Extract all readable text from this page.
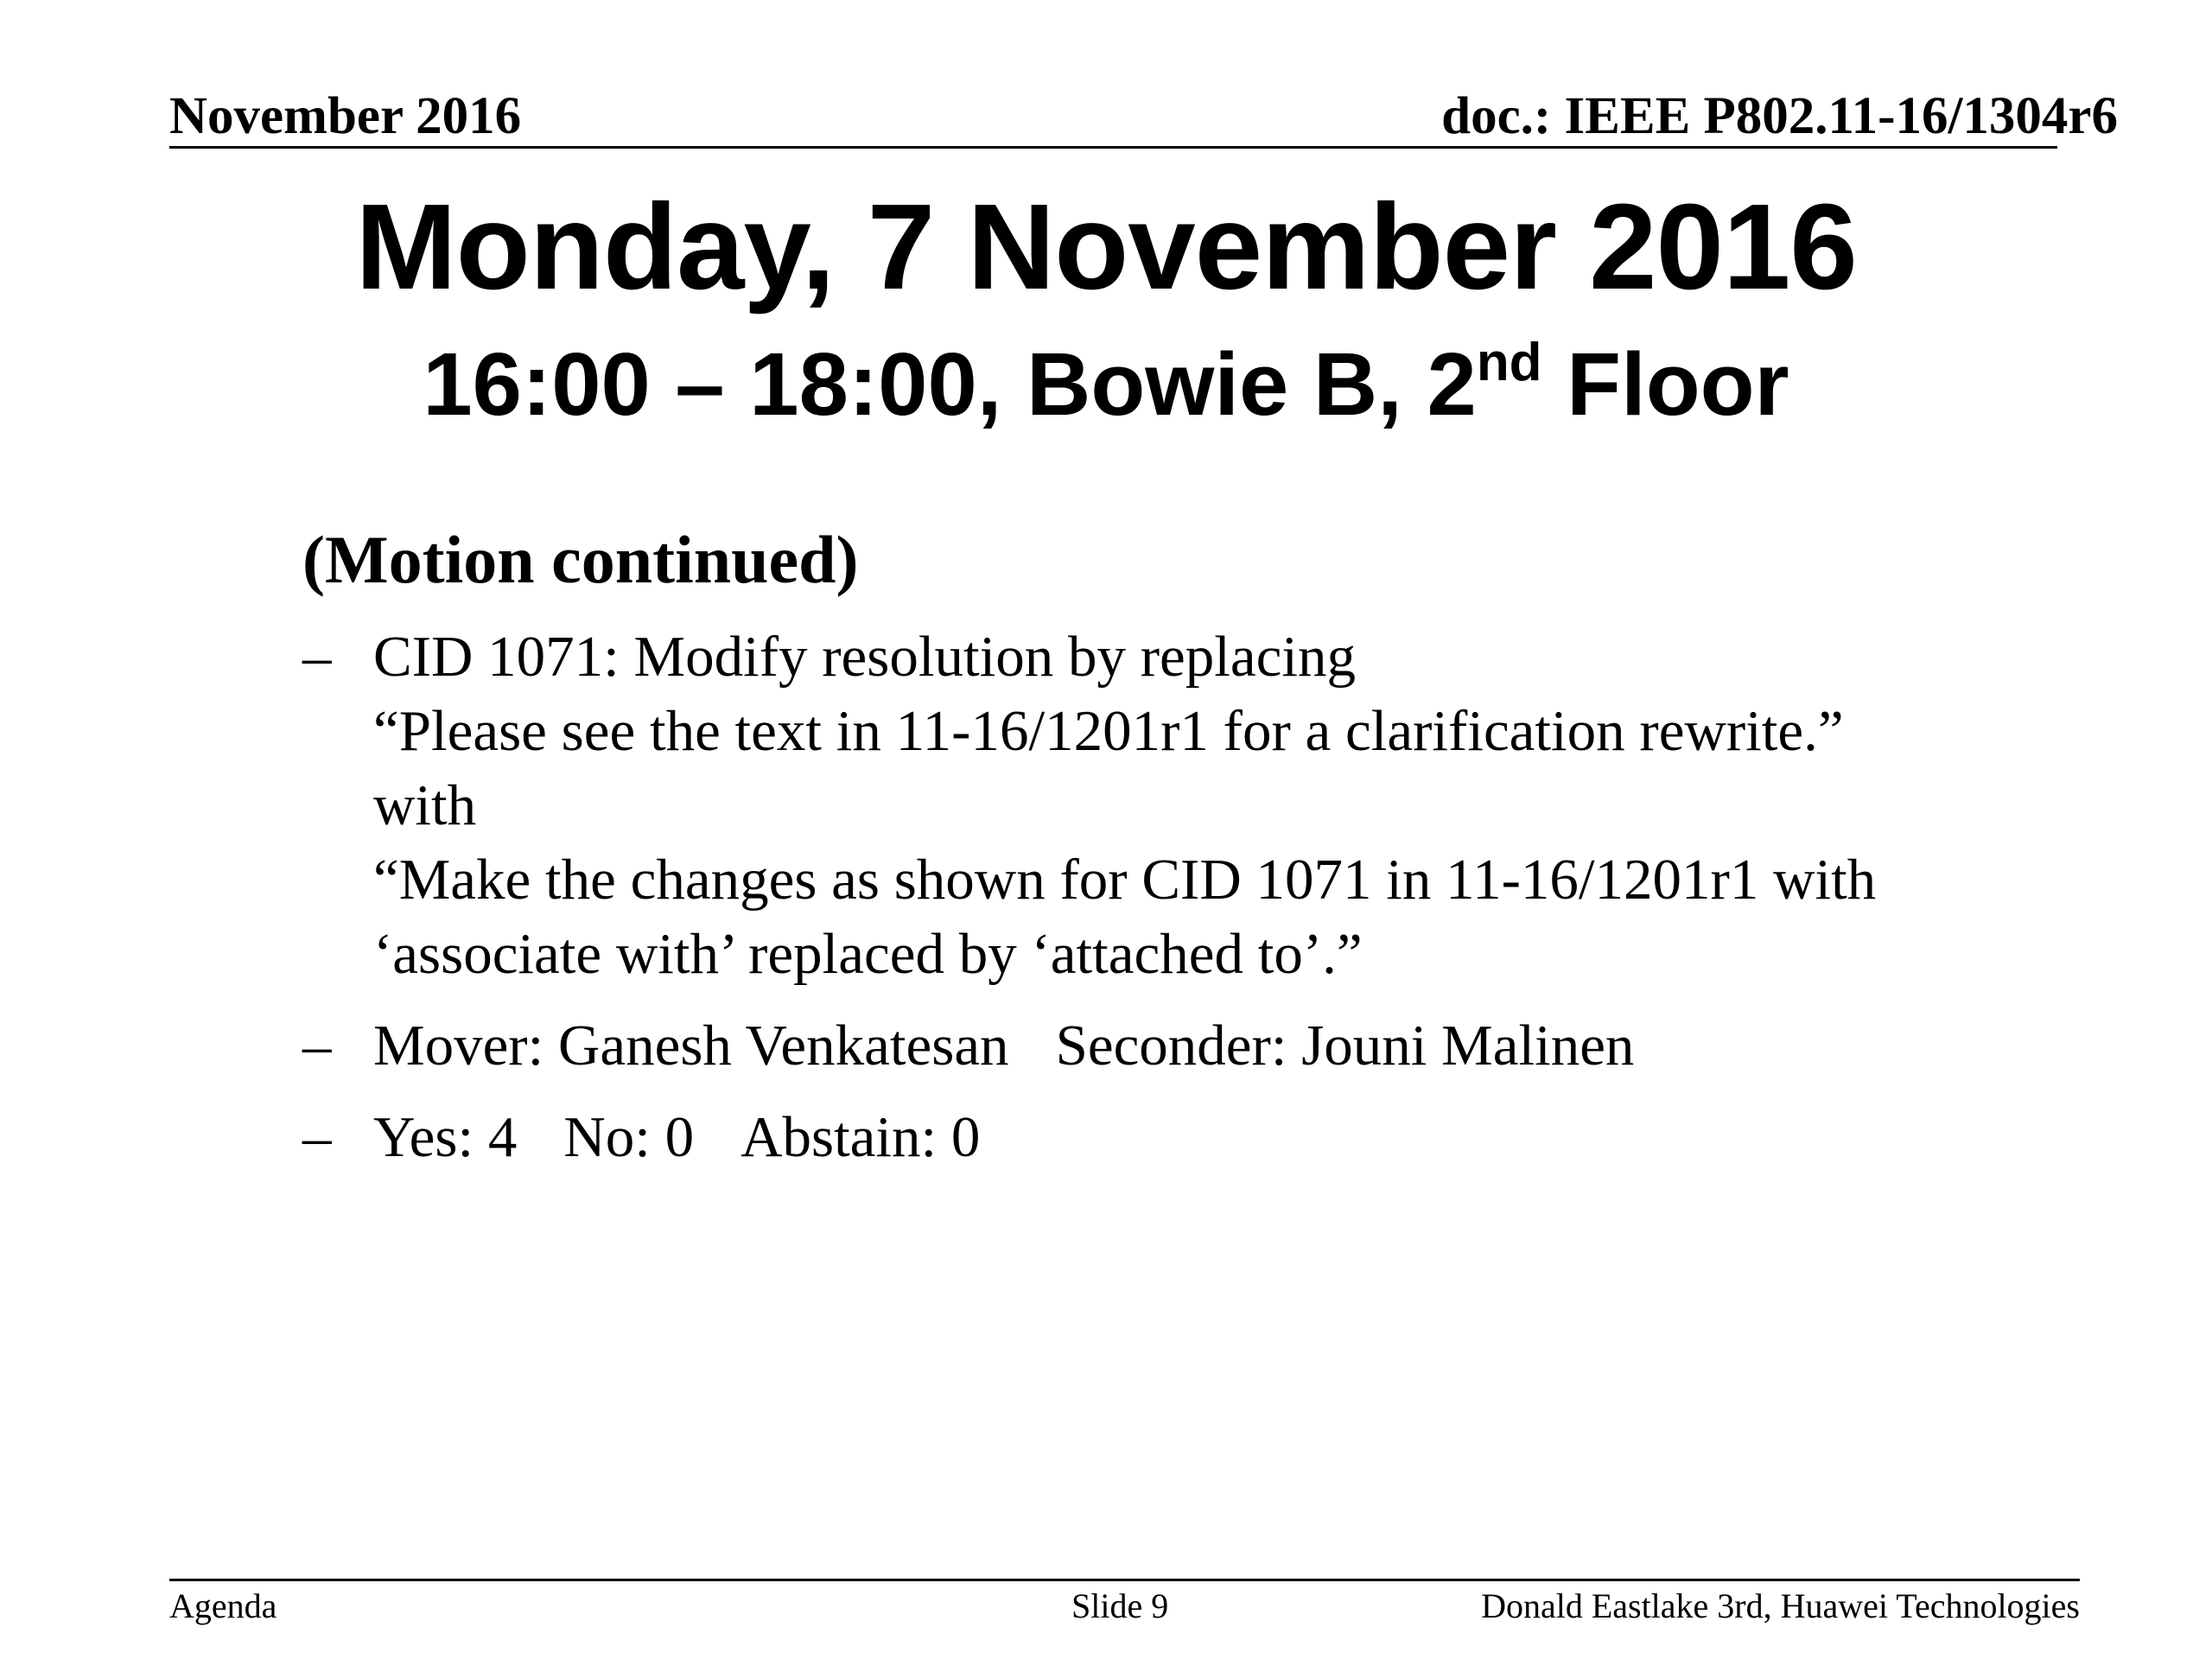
November 2016	doc.: IEEE P802.11-16/1304r6
Monday, 7 November 2016
16:00 – 18:00, Bowie B, 2nd Floor
(Motion continued)
– CID 1071: Modify resolution by replacing
“Please see the text in 11-16/1201r1 for a clarification rewrite.”
with
“Make the changes as shown for CID 1071 in 11-16/1201r1 with
‘associate with’ replaced by ‘attached to’.”
– Mover: Ganesh Venkatesan Seconder: Jouni Malinen
– Yes: 4 No: 0 Abstain: 0
Agenda	Slide 9	Donald Eastlake 3rd, Huawei Technologies
